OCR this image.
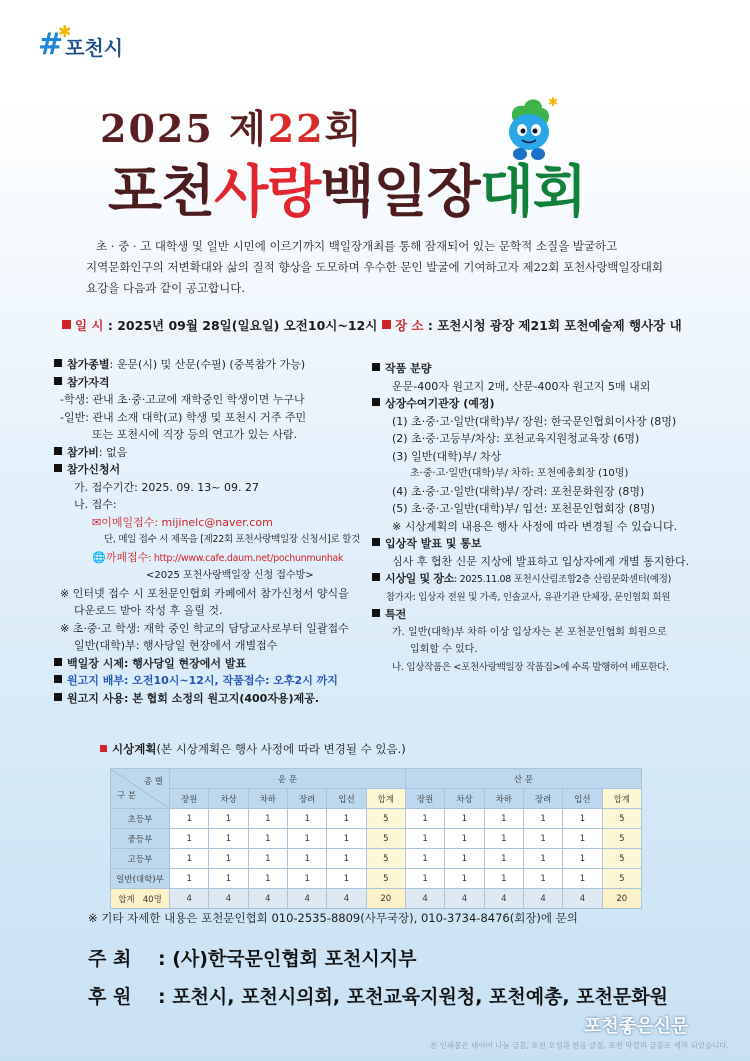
#
✱
포천시
2025 제22회
✱
포천사랑백일장대회

초 · 중 · 고 대학생 및 일반 시민에 이르기까지 백일장개최를 통해 잠재되어 있는 문학적 소질을 발굴하고

지역문화인구의 저변확대와 삶의 질적 향상을 도모하며 우수한 문인 발굴에 기여하고자 제22회 포천사랑백일장대회

요강을 다음과 같이 공고합니다.

일 시 : 2025년 09월 28일(일요일) 오전10시~12시	장 소 : 포천시청 광장 제21회 포천예술제 행사장 내
참가종별: 운문(시) 및 산문(수필) (중복참가 가능)
참가자격
-학생: 관내 초·중·고교에 재학중인 학생이면 누구나
-일반: 관내 소재 대학(교) 학생 및 포천시 거주 주민
또는 포천시에 직장 등의 연고가 있는 사람.
참가비: 없음
참가신청서
가. 접수기간: 2025. 09. 13~ 09. 27
나. 접수:
✉이메일접수: mijinelc@naver.com
단, 메일 접수 시 제목을 [제22회 포천사랑백일장 신청서]로 할것
🌐까페접수: http://www.cafe.daum.net/pochunmunhak
<2025 포천사랑백일장 신청 접수방>
※ 인터넷 접수 시 포천문인협회 카페에서 참가신청서 양식을
다운로드 받아 작성 후 올릴 것.
※ 초·중·고 학생: 재학 중인 학교의 담당교사로부터 일괄접수
일반(대학)부: 행사당일 현장에서 개별접수
백일장 시제: 행사당일 현장에서 발표
원고지 배부: 오전10시~12시, 작품접수: 오후2시 까지
원고지 사용: 본 협회 소정의 원고지(400자용)제공.
작품 분량
운문-400자 원고지 2매, 산문-400자 원고지 5매 내외
상장수여기관장 (예정)
(1) 초·중·고·일반(대학)부/ 장원: 한국문인협회이사장 (8명)
(2) 초·중·고등부/차상: 포천교육지원청교육장 (6명)
(3) 일반(대학)부/ 차상
초·중·고·일반(대학)부/ 차하: 포천예총회장 (10명)
(4) 초·중·고·일반(대학)부/ 장려: 포천문화원장 (8명)
(5) 초·중·고·일반(대학)부/ 입선: 포천문인협회장 (8명)
※ 시상계획의 내용은 행사 사정에 따라 변경될 수 있습니다.
입상작 발표 및 통보
심사 후 협찬 신문 지상에 발표하고 입상자에게 개별 통지한다.
시상일 및 장소: 2025.11.08 포천시산림조합2층 산림문화센터(예정)
참가자: 입상자 전원 및 가족, 인솔교사, 유관기관 단체장, 문인협회 회원
특전
가. 일반(대학)부 차하 이상 입상자는 본 포천문인협회 회원으로
입회할 수 있다.
나. 입상작품은 <포천사랑백일장 작품집>에 수록 발행하여 배포한다.
시상계획(본 시상계획은 행사 사정에 따라 변경될 수 있음.)
종 별
구 분	운 문						산 문					
	장원	차상	차하	장려	입선	합계	장원	차상	차하	장려	입선	합계
초등부	1	1	1	1	1	5	1	1	1	1	1	5
중등부	1	1	1	1	1	5	1	1	1	1	1	5
고등부	1	1	1	1	1	5	1	1	1	1	1	5
일반(대학)부	1	1	1	1	1	5	1	1	1	1	1	5
합계 40명	4	4	4	4	4	20	4	4	4	4	4	20
※ 기타 자세한 내용은 포천문인협회 010-2535-8809(사무국장), 010-3734-8476(회장)에 문의
주 최 : (사)한국문인협회 포천시지부
후 원 : 포천시, 포천시의회, 포천교육지원청, 포천예총, 포천문화원
포천좋은신문
본 인쇄물은 네이버 나눔 글꼴, 포천 오성과 한음 글꼴, 포천 막걸리 글꼴로 제작 되었습니다.
